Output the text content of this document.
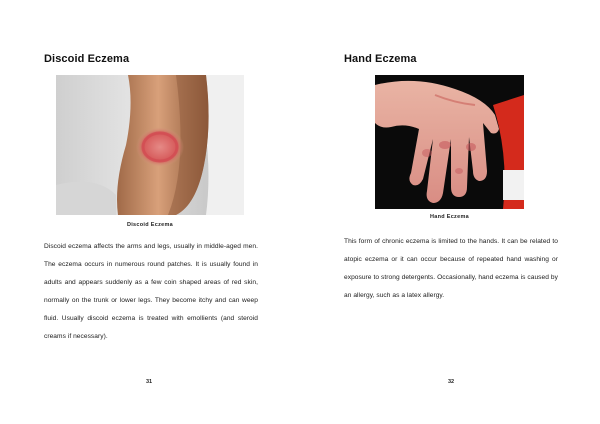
Discoid Eczema
Discoid Eczema
Discoid eczema affects the arms and legs, usually in middle-aged men. The eczema occurs in numerous round patches. It is usually found in adults and appears suddenly as a few coin shaped areas of red skin, normally on the trunk or lower legs. They become itchy and can weep fluid. Usually discoid eczema is treated with emollients (and steroid creams if necessary).
31
Hand Eczema
Hand Eczema
This form of chronic eczema is limited to the hands. It can be related to atopic eczema or it can occur because of repeated hand washing or exposure to strong detergents. Occasionally, hand eczema is caused by an allergy, such as a latex allergy.
32
